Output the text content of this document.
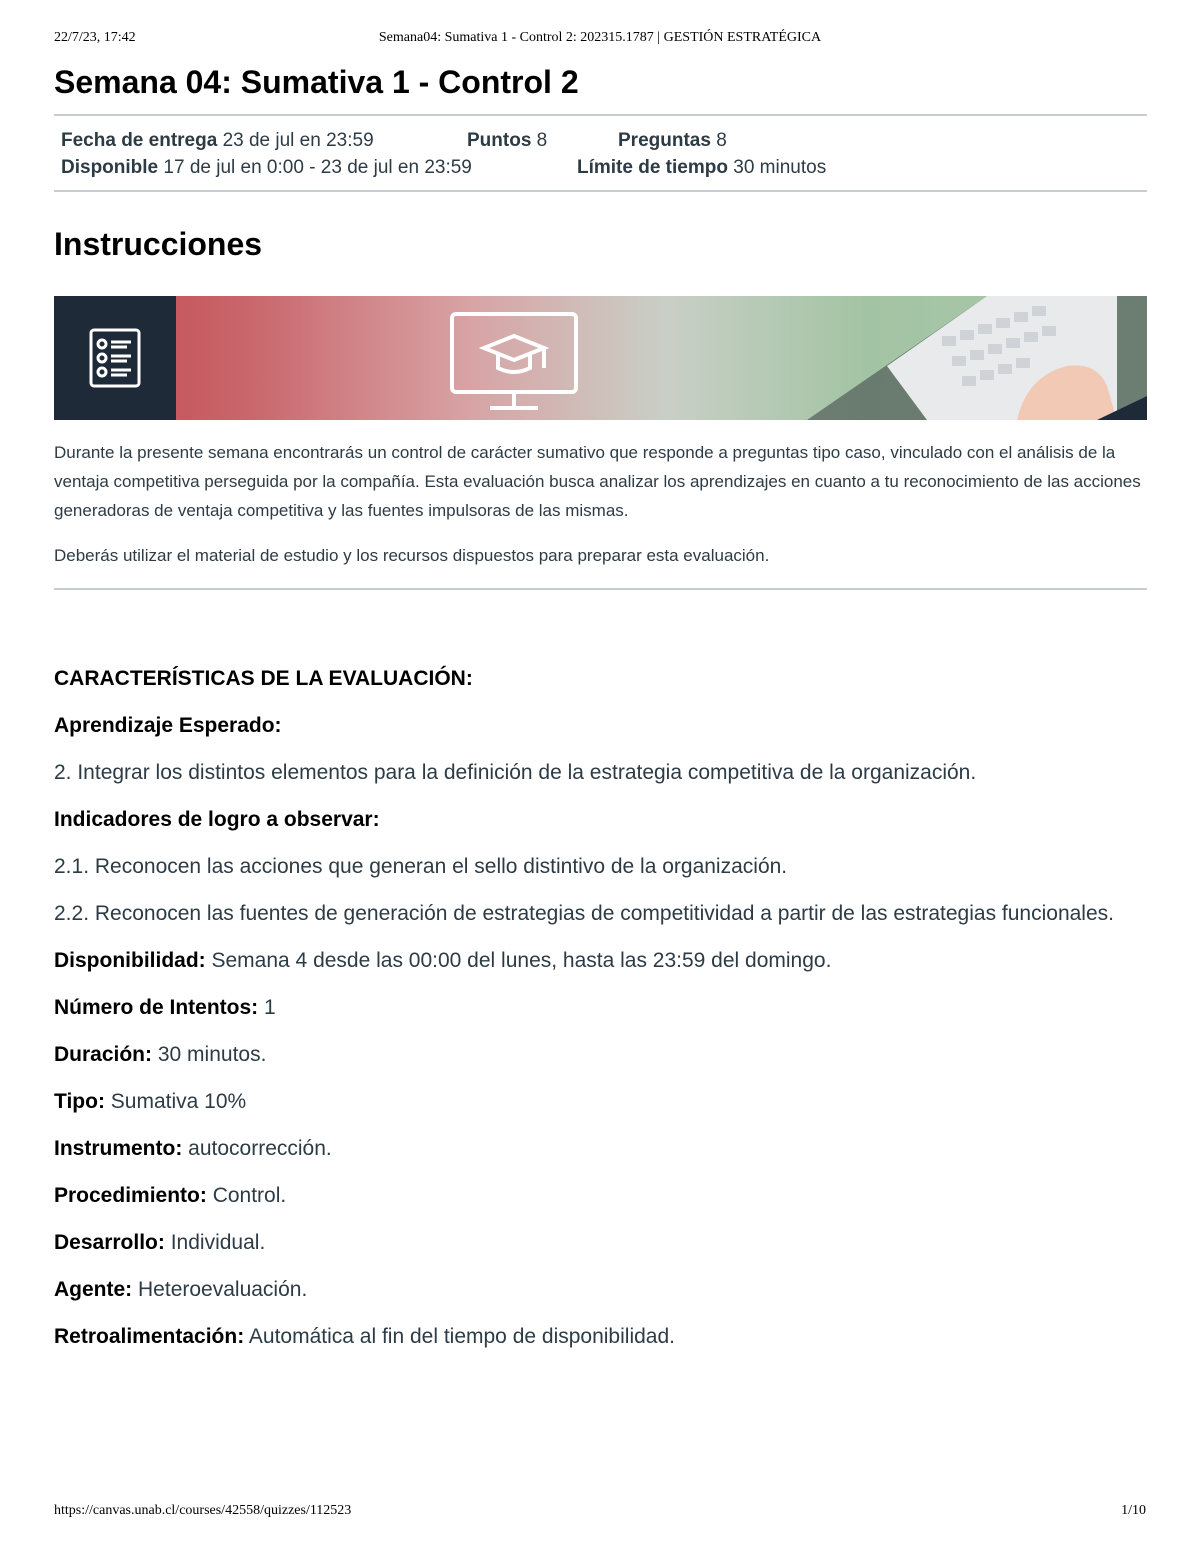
22/7/23, 17:42	Semana04: Sumativa 1 - Control 2: 202315.1787 | GESTIÓN ESTRATÉGICA
Semana 04: Sumativa 1 - Control 2
Fecha de entrega 23 de jul en 23:59	Puntos 8	Preguntas 8
Disponible 17 de jul en 0:00 - 23 de jul en 23:59	Límite de tiempo 30 minutos
Instrucciones

Durante la presente semana encontrarás un control de carácter sumativo que responde a preguntas tipo caso, vinculado con el análisis de la ventaja competitiva perseguida por la compañía. Esta evaluación busca analizar los aprendizajes en cuanto a tu reconocimiento de las acciones generadoras de ventaja competitiva y las fuentes impulsoras de las mismas.

Deberás utilizar el material de estudio y los recursos dispuestos para preparar esta evaluación.

CARACTERÍSTICAS DE LA EVALUACIÓN:
Aprendizaje Esperado:
2. Integrar los distintos elementos para la definición de la estrategia competitiva de la organización.
Indicadores de logro a observar:
2.1. Reconocen las acciones que generan el sello distintivo de la organización.
2.2. Reconocen las fuentes de generación de estrategias de competitividad a partir de las estrategias funcionales.
Disponibilidad: Semana 4 desde las 00:00 del lunes, hasta las 23:59 del domingo.
Número de Intentos: 1
Duración: 30 minutos.
Tipo: Sumativa 10%
Instrumento: autocorrección.
Procedimiento: Control.
Desarrollo: Individual.
Agente: Heteroevaluación.
Retroalimentación: Automática al fin del tiempo de disponibilidad.
https://canvas.unab.cl/courses/42558/quizzes/112523	1/10
